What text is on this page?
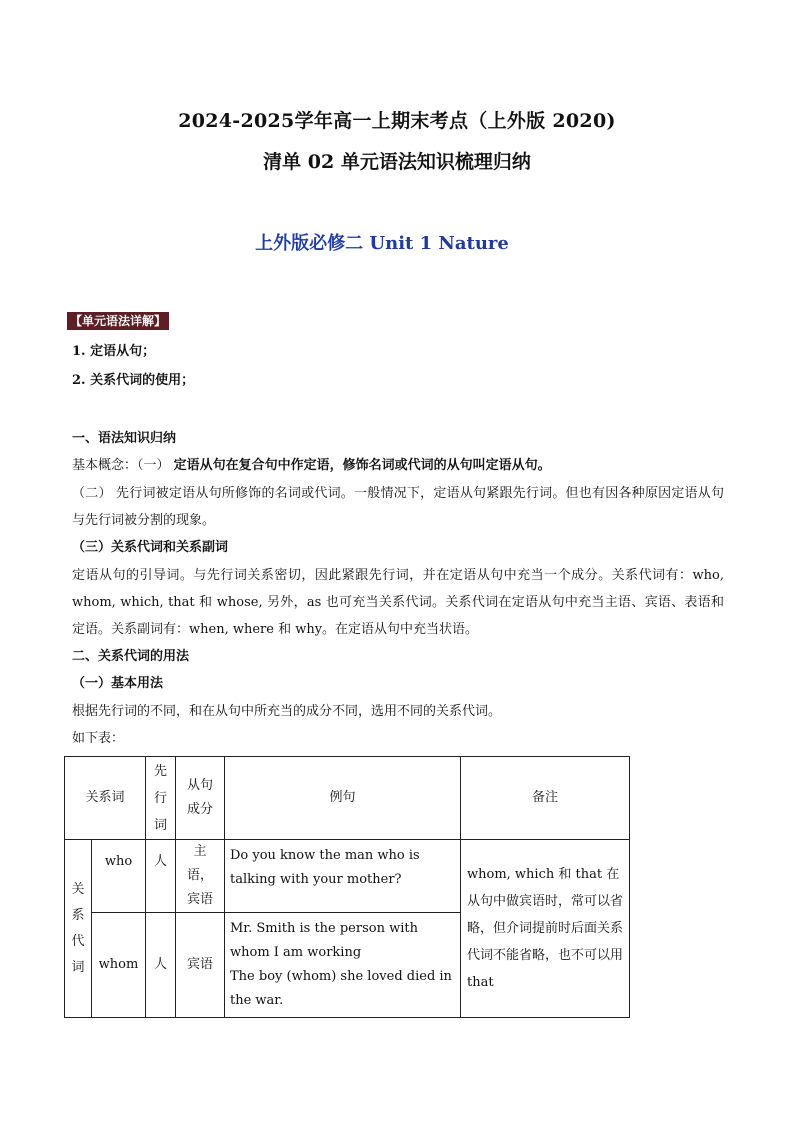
2024-2025学年高一上期末考点（上外版 2020)
清单 02 单元语法知识梳理归纳
上外版必修二 Unit 1 Nature
【单元语法详解】
1. 定语从句；
2. 关系代词的使用；
一、语法知识归纳
基本概念：（一） 定语从句在复合句中作定语，修饰名词或代词的从句叫定语从句。
（二） 先行词被定语从句所修饰的名词或代词。一般情况下，定语从句紧跟先行词。但也有因各种原因定语从句与先行词被分割的现象。
（三）关系代词和关系副词
定语从句的引导词。与先行词关系密切，因此紧跟先行词，并在定语从句中充当一个成分。关系代词有：who, whom, which, that 和 whose, 另外，as 也可充当关系代词。关系代词在定语从句中充当主语、宾语、表语和定语。关系副词有：when, where 和 why。在定语从句中充当状语。
二、关系代词的用法
（一）基本用法
根据先行词的不同，和在从句中所充当的成分不同，选用不同的关系代词。
如下表：
关系词		先行词	从句成分	例句	备注

关系代词	who	人	主语，宾语	Do you know the man who is talking with your mother?	whom, which 和 that 在从句中做宾语时，常可以省略，但介词提前时后面关系代词不能省略，也不可以用 that
	whom	人	宾语	Mr. Smith is the person with whom I am working
The boy (whom) she loved died in the war.	
